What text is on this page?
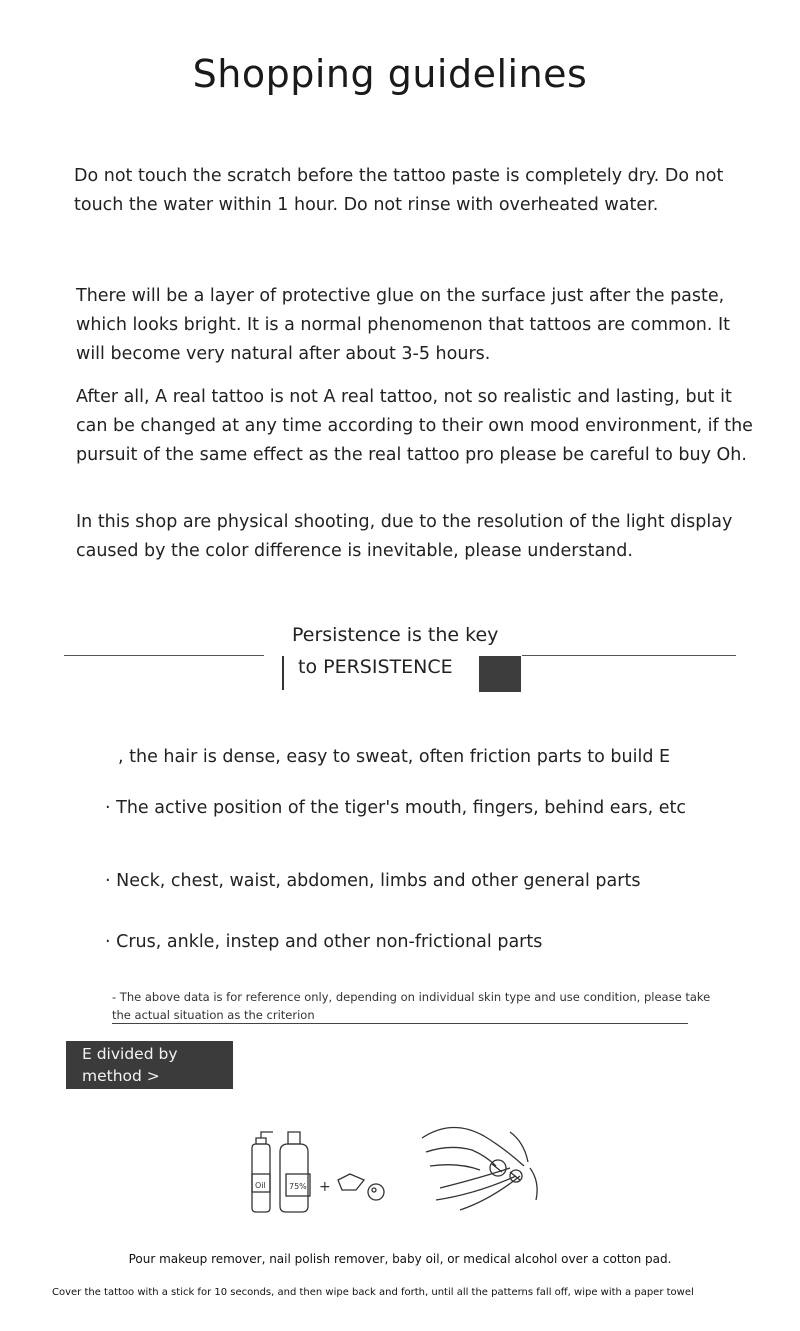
Shopping guidelines

Do not touch the scratch before the tattoo paste is completely dry. Do not touch the water within 1 hour. Do not rinse with overheated water.

There will be a layer of protective glue on the surface just after the paste, which looks bright. It is a normal phenomenon that tattoos are common. It will become very natural after about 3-5 hours.

After all, A real tattoo is not A real tattoo, not so realistic and lasting, but it can be changed at any time according to their own mood environment, if the pursuit of the same effect as the real tattoo pro please be careful to buy Oh.

In this shop are physical shooting, due to the resolution of the light display caused by the color difference is inevitable, please understand.

Persistence is the key
to PERSISTENCE
, the hair is dense, easy to sweat, often friction parts to build E
· The active position of the tiger's mouth, fingers, behind ears, etc
· Neck, chest, waist, abdomen, limbs and other general parts
· Crus, ankle, instep and other non-frictional parts
- The above data is for reference only, depending on individual skin type and use condition, please take the actual situation as the criterion
E divided by
method >
Oil	75% +
Pour makeup remover, nail polish remover, baby oil, or medical alcohol over a cotton pad.
Cover the tattoo with a stick for 10 seconds, and then wipe back and forth, until all the patterns fall off, wipe with a paper towel
